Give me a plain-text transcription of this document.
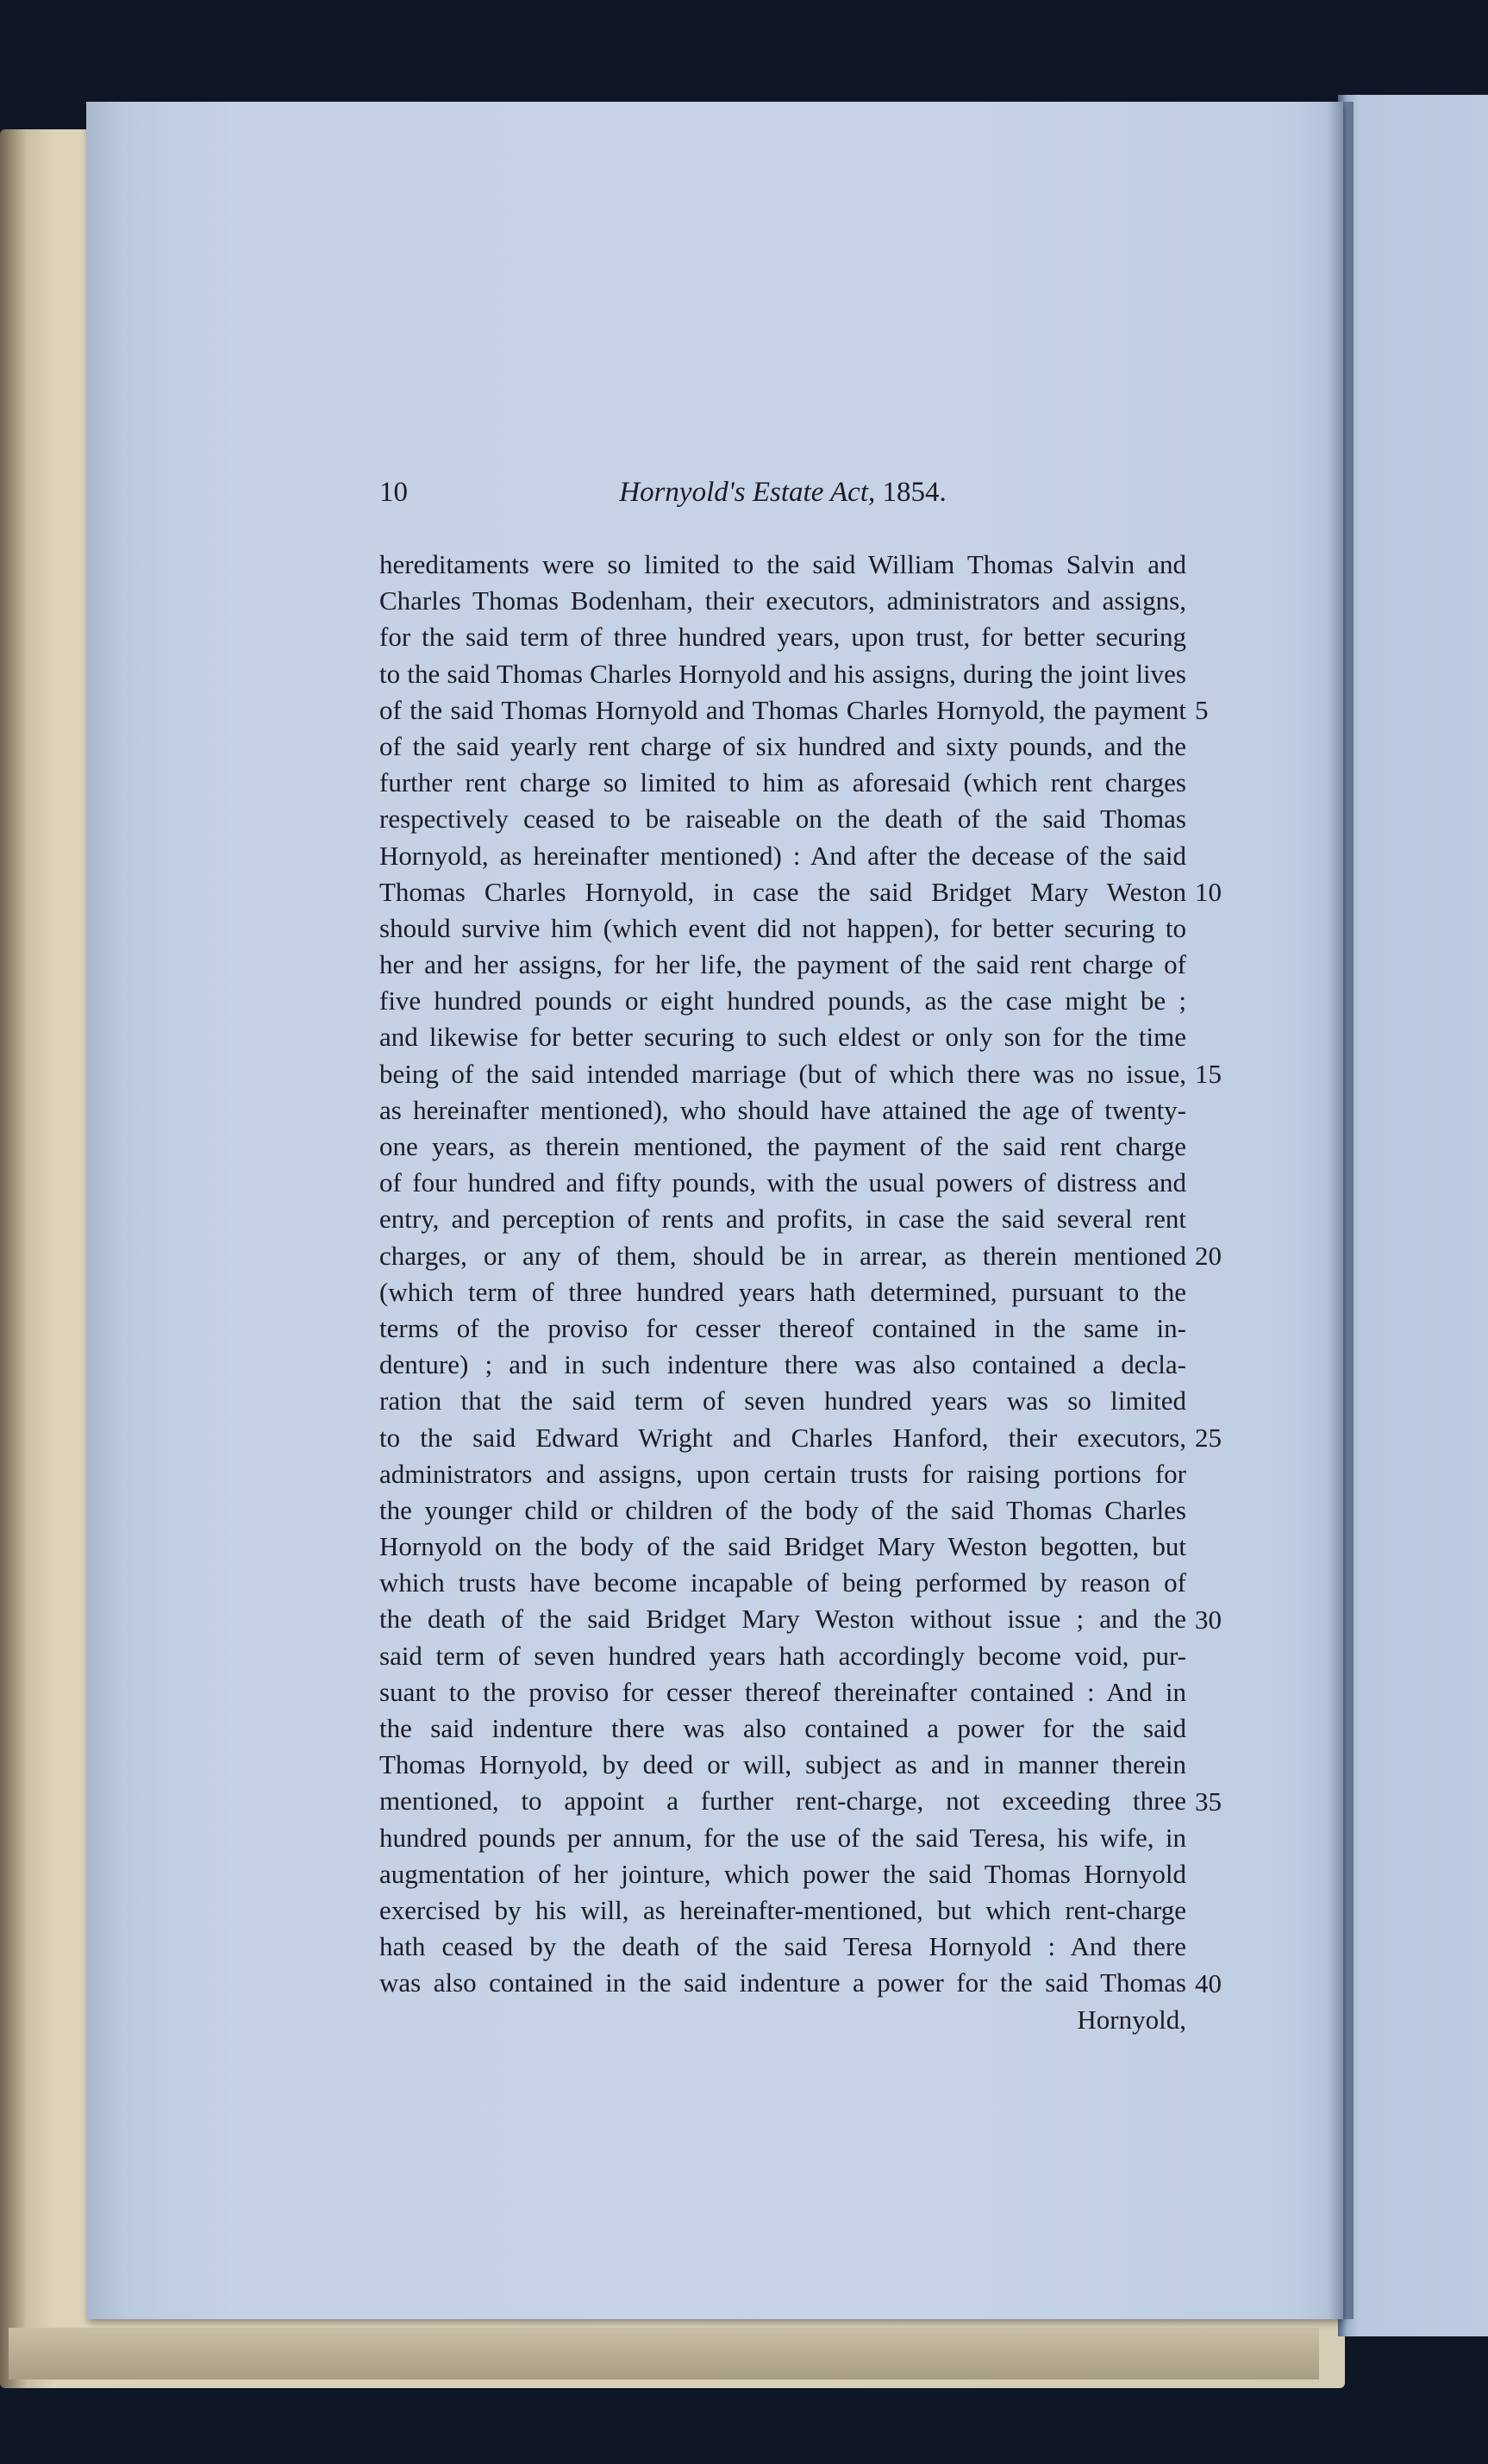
10	Hornyold's Estate Act, 1854.
hereditaments were so limited to the said William Thomas Salvin and
Charles Thomas Bodenham, their executors, administrators and assigns,
for the said term of three hundred years, upon trust, for better securing
to the said Thomas Charles Hornyold and his assigns, during the joint lives
of the said Thomas Hornyold and Thomas Charles Hornyold, the payment
of the said yearly rent charge of six hundred and sixty pounds, and the
further rent charge so limited to him as aforesaid (which rent charges
respectively ceased to be raiseable on the death of the said Thomas
Hornyold, as hereinafter mentioned) : And after the decease of the said
Thomas Charles Hornyold, in case the said Bridget Mary Weston
should survive him (which event did not happen), for better securing to
her and her assigns, for her life, the payment of the said rent charge of
five hundred pounds or eight hundred pounds, as the case might be ;
and likewise for better securing to such eldest or only son for the time
being of the said intended marriage (but of which there was no issue,
as hereinafter mentioned), who should have attained the age of twenty-
one years, as therein mentioned, the payment of the said rent charge
of four hundred and fifty pounds, with the usual powers of distress and
entry, and perception of rents and profits, in case the said several rent
charges, or any of them, should be in arrear, as therein mentioned
(which term of three hundred years hath determined, pursuant to the
terms of the proviso for cesser thereof contained in the same in-
denture) ; and in such indenture there was also contained a decla-
ration that the said term of seven hundred years was so limited
to the said Edward Wright and Charles Hanford, their executors,
administrators and assigns, upon certain trusts for raising portions for
the younger child or children of the body of the said Thomas Charles
Hornyold on the body of the said Bridget Mary Weston begotten, but
which trusts have become incapable of being performed by reason of
the death of the said Bridget Mary Weston without issue ; and the
said term of seven hundred years hath accordingly become void, pur-
suant to the proviso for cesser thereof thereinafter contained : And in
the said indenture there was also contained a power for the said
Thomas Hornyold, by deed or will, subject as and in manner therein
mentioned, to appoint a further rent-charge, not exceeding three
hundred pounds per annum, for the use of the said Teresa, his wife, in
augmentation of her jointure, which power the said Thomas Hornyold
exercised by his will, as hereinafter-mentioned, but which rent-charge
hath ceased by the death of the said Teresa Hornyold : And there
was also contained in the said indenture a power for the said Thomas
Hornyold,
5
10
15
20
25
30
35
40
